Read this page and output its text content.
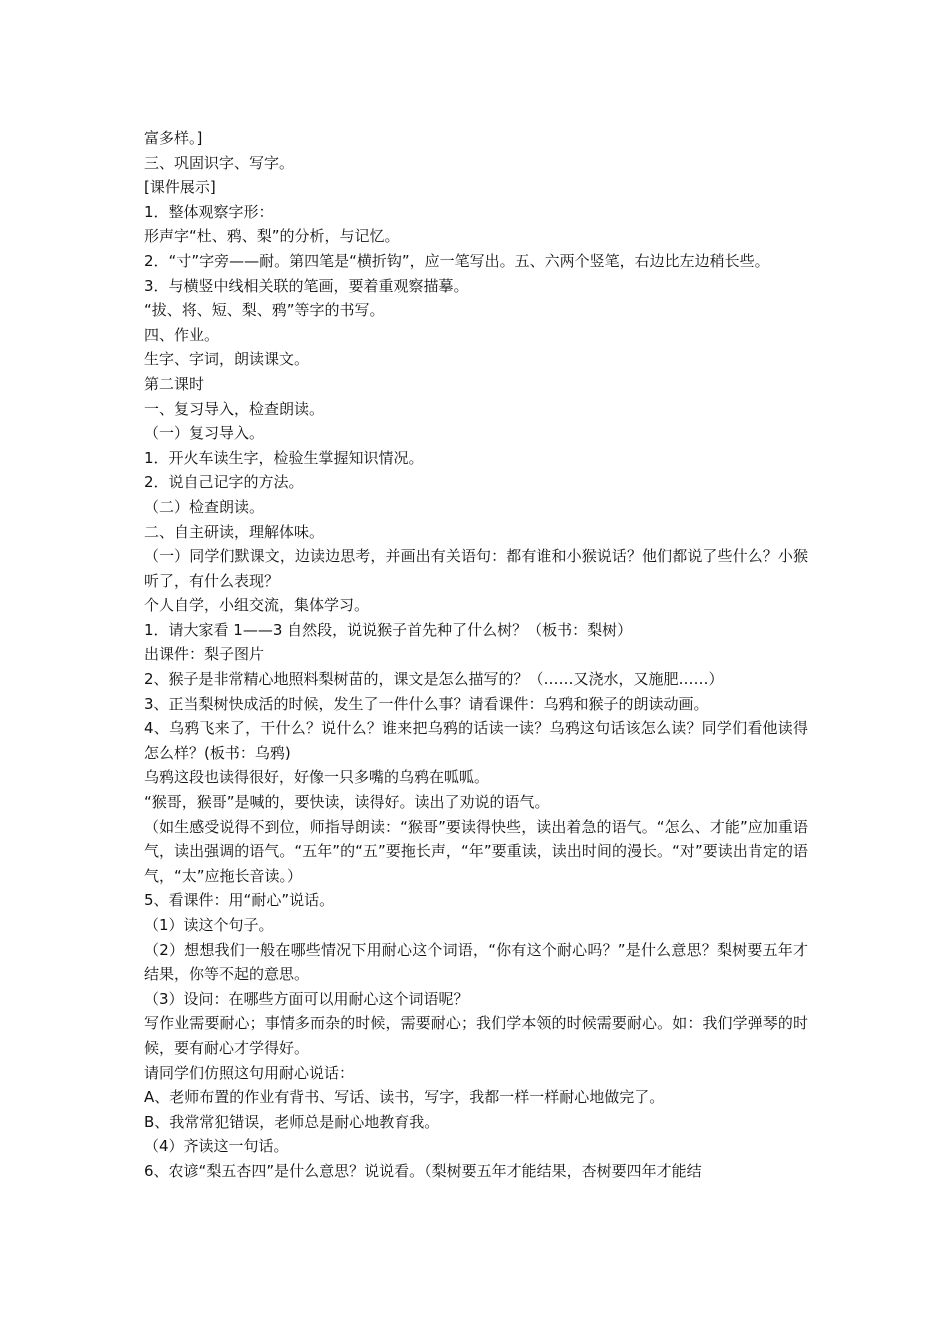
富多样。]

三、巩固识字、写字。

[课件展示]

1．整体观察字形：

形声字“杜、鸦、梨”的分析，与记忆。

2．“寸”字旁——耐。第四笔是“横折钩”，应一笔写出。五、六两个竖笔，右边比左边稍长些。

3．与横竖中线相关联的笔画，要着重观察描摹。

“拔、将、短、梨、鸦”等字的书写。

四、作业。

生字、字词，朗读课文。

第二课时

一、复习导入，检查朗读。

（一）复习导入。

1．开火车读生字，检验生掌握知识情况。

2．说自己记字的方法。

（二）检查朗读。

二、自主研读，理解体味。

（一）同学们默课文，边读边思考，并画出有关语句：都有谁和小猴说话？他们都说了些什么？小猴听了，有什么表现？

个人自学，小组交流，集体学习。

1．请大家看 1——3 自然段，说说猴子首先种了什么树？（板书：梨树）

出课件：梨子图片

2、猴子是非常精心地照料梨树苗的，课文是怎么描写的？（……又浇水，又施肥……）

3、正当梨树快成活的时候，发生了一件什么事？请看课件：乌鸦和猴子的朗读动画。

4、乌鸦飞来了，干什么？说什么？谁来把乌鸦的话读一读？乌鸦这句话该怎么读？同学们看他读得怎么样？(板书：乌鸦)

乌鸦这段也读得很好，好像一只多嘴的乌鸦在呱呱。

“猴哥，猴哥”是喊的，要快读，读得好。读出了劝说的语气。

（如生感受说得不到位，师指导朗读：“猴哥”要读得快些，读出着急的语气。“怎么、才能”应加重语气，读出强调的语气。“五年”的“五”要拖长声，“年”要重读，读出时间的漫长。“对”要读出肯定的语气，“太”应拖长音读。）

5、看课件：用“耐心”说话。

（1）读这个句子。

（2）想想我们一般在哪些情况下用耐心这个词语，“你有这个耐心吗？”是什么意思？梨树要五年才结果，你等不起的意思。

（3）设问：在哪些方面可以用耐心这个词语呢？

写作业需要耐心；事情多而杂的时候，需要耐心；我们学本领的时候需要耐心。如：我们学弹琴的时候，要有耐心才学得好。

请同学们仿照这句用耐心说话：

A、老师布置的作业有背书、写话、读书，写字，我都一样一样耐心地做完了。

B、我常常犯错误，老师总是耐心地教育我。

（4）齐读这一句话。

6、农谚“梨五杏四”是什么意思？说说看。（梨树要五年才能结果，杏树要四年才能结
